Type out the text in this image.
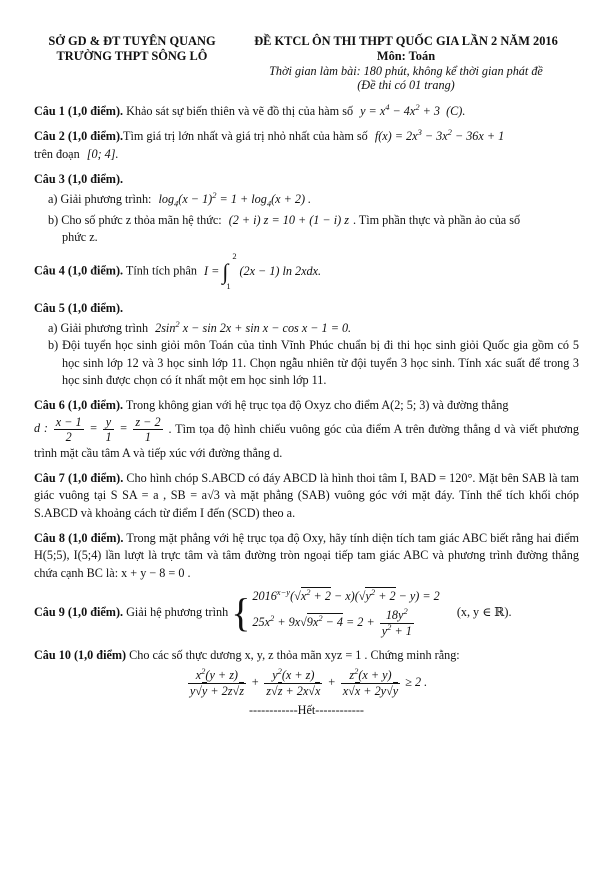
SỞ GD & ĐT TUYÊN QUANG
TRƯỜNG THPT SÔNG LÔ
ĐỀ KTCL ÔN THI THPT QUỐC GIA LẦN 2 NĂM 2016
Môn: Toán
Thời gian làm bài: 180 phút, không kể thời gian phát đề
(Đề thi có 01 trang)
Câu 1 (1,0 điểm). Khảo sát sự biến thiên và vẽ đồ thị của hàm số $y = x^4 - 4x^2 + 3$  (C).
Câu 2 (1,0 điểm).Tìm giá trị lớn nhất và giá trị nhỏ nhất của hàm số $f(x) = 2x^3 - 3x^2 - 36x + 1$
trên đoạn [0; 4].
Câu 3 (1,0 điểm).
a) Giải phương trình: $\log_4(x - 1)^2 = 1 + \log_4(x + 2)$ .
b) Cho số phức z thỏa mãn hệ thức: (2 + i) z = 10 + (1 − i) z . Tìm phần thực và phần ảo của số
phức z.
Câu 4 (1,0 điểm). Tính tích phân I = ∫
2
1
(2x − 1) ln 2xdx.
Câu 5 (1,0 điểm).
a) Giải phương trình $2\sin^2$ x − sin 2x + sin x − cos x − 1 = 0.
b) Đội tuyển học sinh giỏi môn Toán của tỉnh Vĩnh Phúc chuẩn bị đi thi học sinh giỏi Quốc gia gồm có 5 học sinh lớp 12 và 3 học sinh lớp 11. Chọn ngẫu nhiên từ đội tuyển 3 học sinh. Tính xác suất để trong 3 học sinh được chọn có ít nhất một em học sinh lớp 11.
Câu 6 (1,0 điểm). Trong không gian với hệ trục tọa độ Oxyz cho điểm A(2; 5; 3) và đường thẳng
d : $\frac{x - 1}{2} = \frac{y}{1} = \frac{z - 2}{1}$ . Tìm tọa độ hình chiếu vuông góc của điểm A trên đường thẳng d và viết phương trình mặt cầu tâm A và tiếp xúc với đường thẳng d.
Câu 7 (1,0 điểm). Cho hình chóp S.ABCD có đáy ABCD là hình thoi tâm I, BAD = 120°. Mặt bên SAB là tam giác vuông tại S SA = a , SB = a√3 và mặt phẳng (SAB) vuông góc với mặt đáy. Tính thể tích khối chóp S.ABCD và khoảng cách từ điểm I đến (SCD) theo a.
Câu 8 (1,0 điểm). Trong mặt phẳng với hệ trục tọa độ Oxy, hãy tính diện tích tam giác ABC biết rằng hai điểm H(5;5), I(5;4) lần lượt là trực tâm và tâm đường tròn ngoại tiếp tam giác ABC và phương trình đường thẳng chứa cạnh BC là: x + y − 8 = 0 .
Câu 9 (1,0 điểm). Giải hệ phương trình { $2016^{x-y}(√x^2 + 2 - x)(√y^2 + 2 - y) = 2$
$25x^2 + 9x√9x^2 - 4 = 2 + \frac{18y^2}{y^2 + 1}$	(x, y ∈ ℝ).
Câu 10 (1,0 điểm) Cho các số thực dương x, y, z thỏa mãn xyz = 1 . Chứng minh rằng:
$\frac{x^2(y + z)}{y√y + 2z√z} + \frac{y^2(x + z)}{z√z + 2x√x} + \frac{z^2(x + y)}{x√x + 2y√y} \ge 2$ .
------------Hết------------
